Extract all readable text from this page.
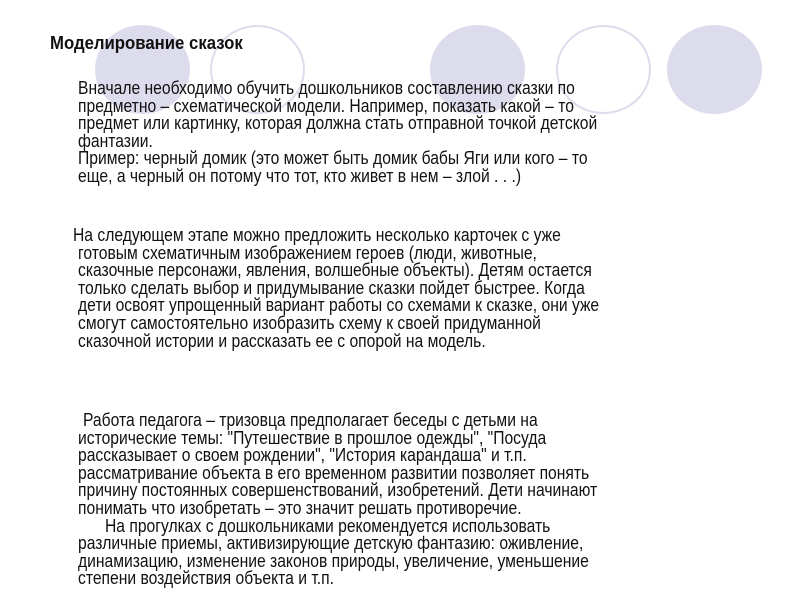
Моделирование сказок
Вначале необходимо обучить дошкольников составлению сказки по
предметно – схематической модели. Например, показать какой – то
предмет или картинку, которая должна стать отправной точкой детской
фантазии.
Пример: черный домик (это может быть домик бабы Яги или кого – то
еще, а черный он потому что тот, кто живет в нем – злой . . .)
На следующем этапе можно предложить несколько карточек с уже
готовым схематичным изображением героев (люди, животные,
сказочные персонажи, явления, волшебные объекты). Детям остается
только сделать выбор и придумывание сказки пойдет быстрее. Когда
дети освоят упрощенный вариант работы со схемами к сказке, они уже
смогут самостоятельно изобразить схему к своей придуманной
сказочной истории и рассказать ее с опорой на модель.
Работа педагога – тризовца предполагает беседы с детьми на
исторические темы: "Путешествие в прошлое одежды", "Посуда
рассказывает о своем рождении", "История карандаша" и т.п.
рассматривание объекта в его временном развитии позволяет понять
причину постоянных совершенствований, изобретений. Дети начинают
понимать что изобретать – это значит решать противоречие.
На прогулках с дошкольниками рекомендуется использовать
различные приемы, активизирующие детскую фантазию: оживление,
динамизацию, изменение законов природы, увеличение, уменьшение
степени воздействия объекта и т.п.
